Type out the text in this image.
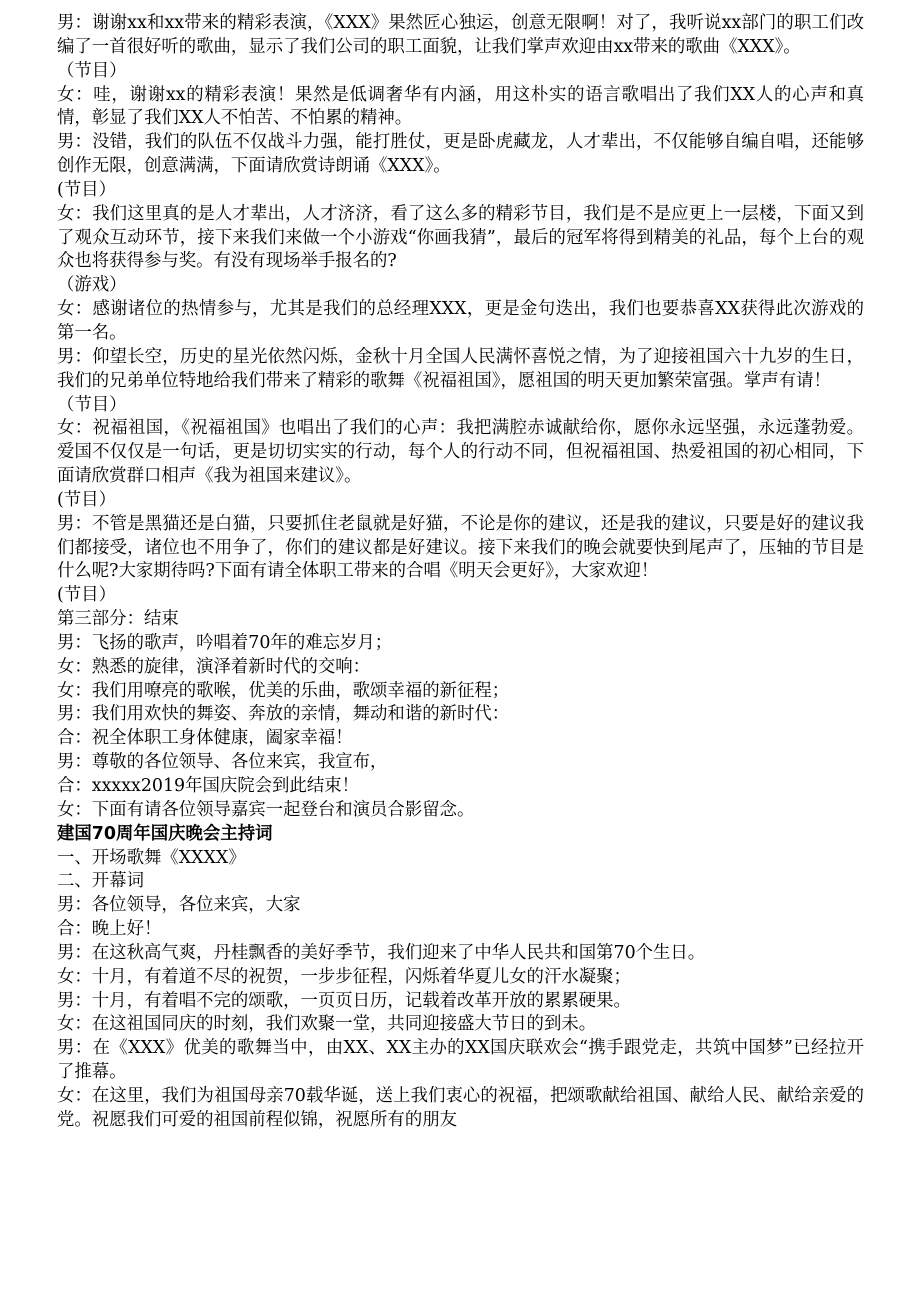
男：谢谢xx和xx带来的精彩表演，《XXX》果然匠心独运，创意无限啊！对了，我听说xx部门的职工们改编了一首很好听的歌曲，显示了我们公司的职工面貌，让我们掌声欢迎由xx带来的歌曲《XXX》。
（节目）
女：哇，谢谢xx的精彩表演！果然是低调奢华有内涵，用这朴实的语言歌唱出了我们XX人的心声和真情，彰显了我们XX人不怕苦、不怕累的精神。
男：没错，我们的队伍不仅战斗力强，能打胜仗，更是卧虎藏龙，人才辈出，不仅能够自编自唱，还能够创作无限，创意满满，下面请欣赏诗朗诵《XXX》。
(节目）
女：我们这里真的是人才辈出，人才济济，看了这么多的精彩节目，我们是不是应更上一层楼，下面又到了观众互动环节，接下来我们来做一个小游戏“你画我猜”，最后的冠军将得到精美的礼品，每个上台的观众也将获得参与奖。有没有现场举手报名的?
（游戏）
女：感谢诸位的热情参与，尤其是我们的总经理XXX，更是金句迭出，我们也要恭喜XX获得此次游戏的第一名。
男：仰望长空，历史的星光依然闪烁，金秋十月全国人民满怀喜悦之情，为了迎接祖国六十九岁的生日，我们的兄弟单位特地给我们带来了精彩的歌舞《祝福祖国》，愿祖国的明天更加繁荣富强。掌声有请！
（节目）
女：祝福祖国，《祝福祖国》也唱出了我们的心声：我把满腔赤诚献给你，愿你永远坚强，永远蓬勃爱。爱国不仅仅是一句话，更是切切实实的行动，每个人的行动不同，但祝福祖国、热爱祖国的初心相同，下面请欣赏群口相声《我为祖国来建议》。
(节目）
男：不管是黑猫还是白猫，只要抓住老鼠就是好猫，不论是你的建议，还是我的建议，只要是好的建议我们都接受，诸位也不用争了，你们的建议都是好建议。接下来我们的晚会就要快到尾声了，压轴的节目是什么呢?大家期待吗?下面有请全体职工带来的合唱《明天会更好》，大家欢迎！
(节目）
第三部分：结束
男：飞扬的歌声，吟唱着70年的难忘岁月；
女：熟悉的旋律，演泽着新时代的交响：
女：我们用嘹亮的歌喉，优美的乐曲，歌颂幸福的新征程；
男：我们用欢快的舞姿、奔放的亲情，舞动和谐的新时代：
合：祝全体职工身体健康，阖家幸福！
男：尊敬的各位领导、各位来宾，我宣布，
合：xxxxx2019年国庆院会到此结束！
女：下面有请各位领导嘉宾一起登台和演员合影留念。
建国70周年国庆晚会主持词
一、开场歌舞《XXXX》
二、开幕词
男：各位领导，各位来宾，大家
合：晚上好！
男：在这秋高气爽，丹桂飘香的美好季节，我们迎来了中华人民共和国第70个生日。
女：十月，有着道不尽的祝贺，一步步征程，闪烁着华夏儿女的汗水凝聚；
男：十月，有着唱不完的颂歌，一页页日历，记载着改革开放的累累硬果。
女：在这祖国同庆的时刻，我们欢聚一堂，共同迎接盛大节日的到未。
男：在《XXX》优美的歌舞当中，由XX、XX主办的XX国庆联欢会“携手跟党走，共筑中国梦”已经拉开了推幕。
女：在这里，我们为祖国母亲70载华诞，送上我们衷心的祝福，把颂歌献给祖国、献给人民、献给亲爱的党。祝愿我们可爱的祖国前程似锦，祝愿所有的朋友
